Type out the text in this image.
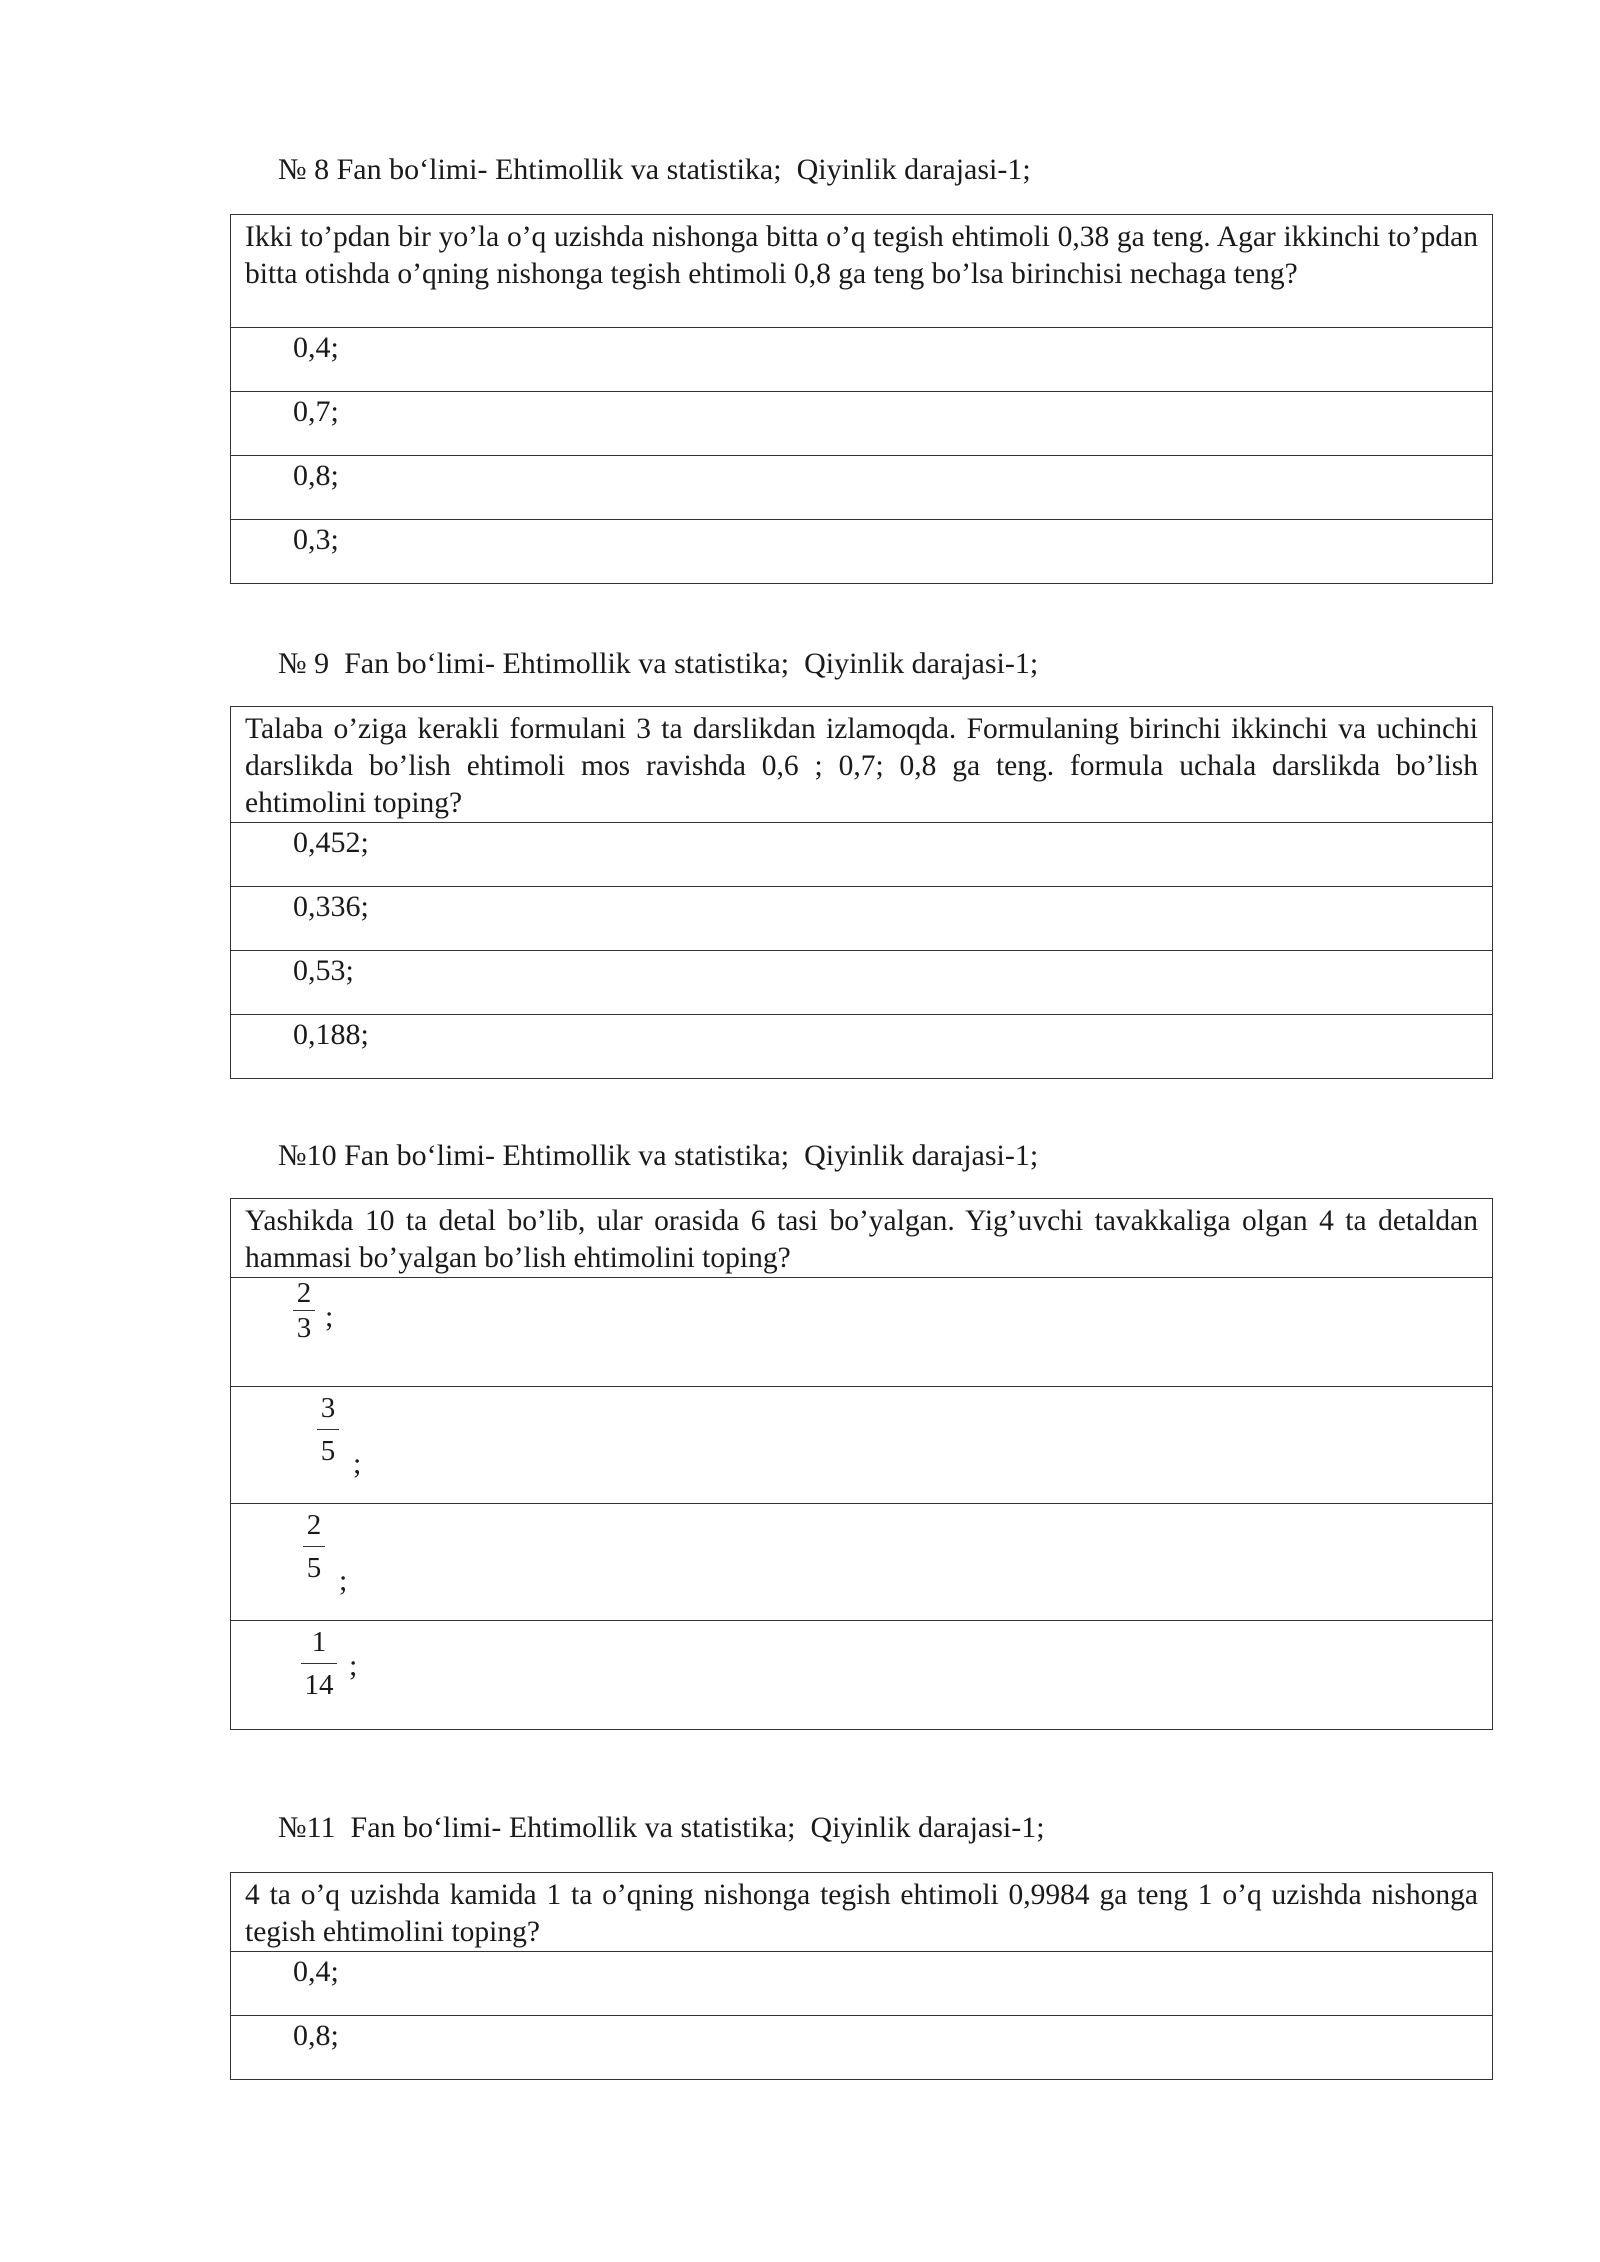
№ 8 Fan bo‘limi- Ehtimollik va statistika;  Qiyinlik darajasi-1;
Ikki to’pdan bir yo’la o’q uzishda nishonga bitta o’q tegish ehtimoli 0,38 ga teng. Agar ikkinchi to’pdan bitta otishda o’qning nishonga tegish ehtimoli 0,8 ga teng bo’lsa birinchisi nechaga teng?
0,4;
0,7;
0,8;
0,3;
№ 9  Fan bo‘limi- Ehtimollik va statistika;  Qiyinlik darajasi-1;
Talaba o’ziga kerakli formulani 3 ta darslikdan izlamoqda. Formulaning birinchi ikkinchi va uchinchi darslikda bo’lish ehtimoli mos ravishda 0,6 ; 0,7; 0,8 ga teng. formula uchala darslikda bo’lish ehtimolini toping?
0,452;
0,336;
0,53;
0,188;
№10 Fan bo‘limi- Ehtimollik va statistika;  Qiyinlik darajasi-1;
Yashikda 10 ta detal bo’lib, ular orasida 6 tasi bo’yalgan. Yig’uvchi tavakkaliga olgan 4 ta detaldan hammasi bo’yalgan bo’lish ehtimolini toping?

2
3 ;

3
5 ;

2
5 ;

1
14
;
№11  Fan bo‘limi- Ehtimollik va statistika;  Qiyinlik darajasi-1;
4 ta o’q uzishda kamida 1 ta o’qning nishonga tegish ehtimoli 0,9984 ga teng 1 o’q uzishda nishonga tegish ehtimolini toping?
0,4;
0,8;
